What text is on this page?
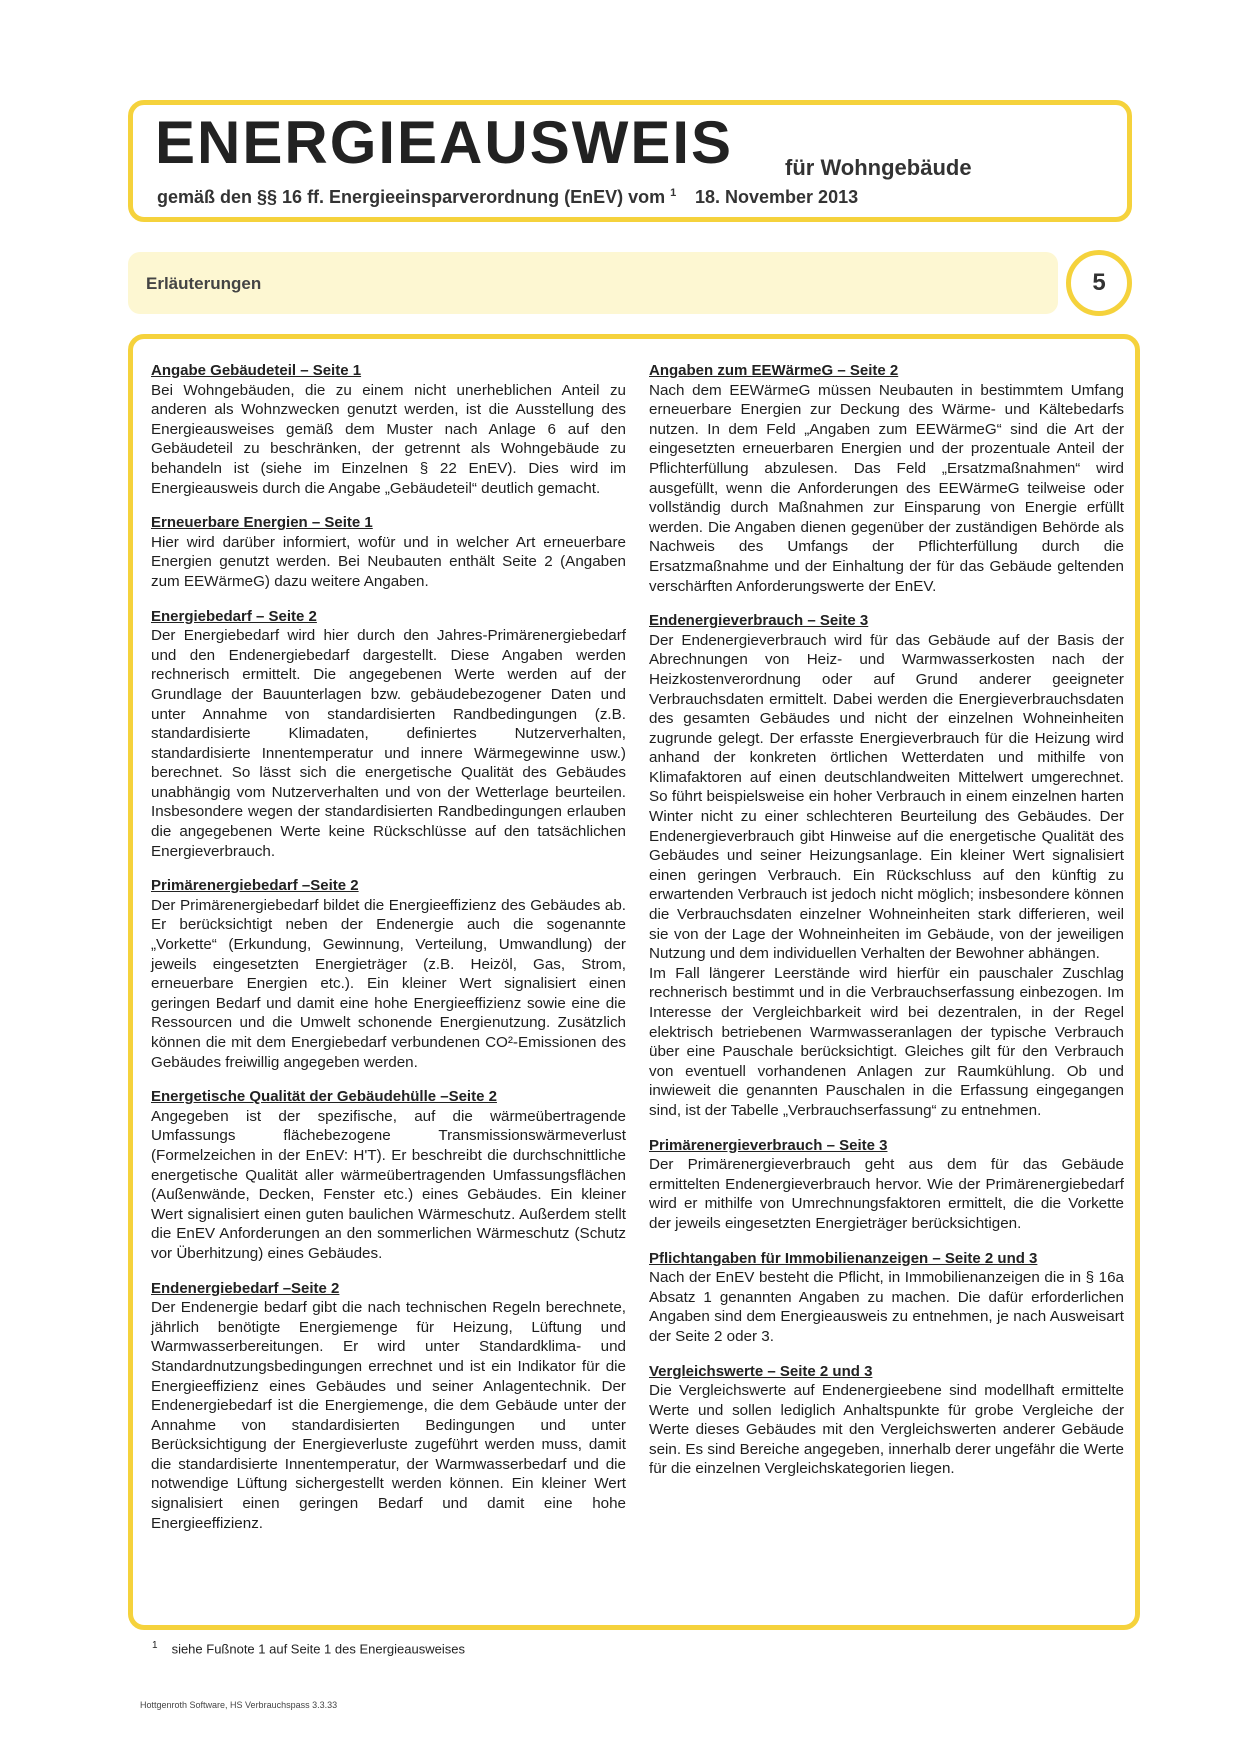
ENERGIEAUSWEIS für Wohngebäude
gemäß den §§ 16 ff. Energieeinsparverordnung (EnEV) vom $^1$ 18. November 2013
Erläuterungen	5
Angabe Gebäudeteil – Seite 1

Bei Wohngebäuden, die zu einem nicht unerheblichen Anteil zu anderen als Wohnzwecken genutzt werden, ist die Ausstellung des Energieausweises gemäß dem Muster nach Anlage 6 auf den Gebäudeteil zu beschränken, der getrennt als Wohngebäude zu behandeln ist (siehe im Einzelnen § 22 EnEV). Dies wird im Energieausweis durch die Angabe „Gebäudeteil“ deutlich gemacht.

Erneuerbare Energien – Seite 1

Hier wird darüber informiert, wofür und in welcher Art erneuerbare Energien genutzt werden. Bei Neubauten enthält Seite 2 (Angaben zum EEWärmeG) dazu weitere Angaben.

Energiebedarf – Seite 2

Der Energiebedarf wird hier durch den Jahres-Primärenergiebedarf und den Endenergiebedarf dargestellt. Diese Angaben werden rechnerisch ermittelt. Die angegebenen Werte werden auf der Grundlage der Bauunterlagen bzw. gebäudebezogener Daten und unter Annahme von standardisierten Randbedingungen (z.B. standardisierte Klimadaten, definiertes Nutzerverhalten, standardisierte Innentemperatur und innere Wärmegewinne usw.) berechnet. So lässt sich die energetische Qualität des Gebäudes unabhängig vom Nutzerverhalten und von der Wetterlage beurteilen. Insbesondere wegen der standardisierten Randbedingungen erlauben die angegebenen Werte keine Rückschlüsse auf den tatsächlichen Energieverbrauch.

Primärenergiebedarf –Seite 2

Der Primärenergiebedarf bildet die Energieeffizienz des Gebäudes ab. Er berücksichtigt neben der Endenergie auch die sogenannte „Vorkette“ (Erkundung, Gewinnung, Verteilung, Umwandlung) der jeweils eingesetzten Energieträger (z.B. Heizöl, Gas, Strom, erneuerbare Energien etc.). Ein kleiner Wert signalisiert einen geringen Bedarf und damit eine hohe Energieeffizienz sowie eine die Ressourcen und die Umwelt schonende Energienutzung. Zusätzlich können die mit dem Energiebedarf verbundenen CO²-Emissionen des Gebäudes freiwillig angegeben werden.

Energetische Qualität der Gebäudehülle –Seite 2

Angegeben ist der spezifische, auf die wärmeübertragende Umfassungs flächebezogene Transmissionswärmeverlust (Formelzeichen in der EnEV: H'T). Er beschreibt die durchschnittliche energetische Qualität aller wärmeübertragenden Umfassungsflächen (Außenwände, Decken, Fenster etc.) eines Gebäudes. Ein kleiner Wert signalisiert einen guten baulichen Wärmeschutz. Außerdem stellt die EnEV Anforderungen an den sommerlichen Wärmeschutz (Schutz vor Überhitzung) eines Gebäudes.

Endenergiebedarf –Seite 2

Der Endenergie bedarf gibt die nach technischen Regeln berechnete, jährlich benötigte Energiemenge für Heizung, Lüftung und Warmwasserbereitungen. Er wird unter Standardklima- und Standardnutzungsbedingungen errechnet und ist ein Indikator für die Energieeffizienz eines Gebäudes und seiner Anlagentechnik. Der Endenergiebedarf ist die Energiemenge, die dem Gebäude unter der Annahme von standardisierten Bedingungen und unter Berücksichtigung der Energieverluste zugeführt werden muss, damit die standardisierte Innentemperatur, der Warmwasserbedarf und die notwendige Lüftung sichergestellt werden können. Ein kleiner Wert signalisiert einen geringen Bedarf und damit eine hohe Energieeffizienz.

Angaben zum EEWärmeG – Seite 2

Nach dem EEWärmeG müssen Neubauten in bestimmtem Umfang erneuerbare Energien zur Deckung des Wärme- und Kältebedarfs nutzen. In dem Feld „Angaben zum EEWärmeG“ sind die Art der eingesetzten erneuerbaren Energien und der prozentuale Anteil der Pflichterfüllung abzulesen. Das Feld „Ersatzmaßnahmen“ wird ausgefüllt, wenn die Anforderungen des EEWärmeG teilweise oder vollständig durch Maßnahmen zur Einsparung von Energie erfüllt werden. Die Angaben dienen gegenüber der zuständigen Behörde als Nachweis des Umfangs der Pflichterfüllung durch die Ersatzmaßnahme und der Einhaltung der für das Gebäude geltenden verschärften Anforderungswerte der EnEV.

Endenergieverbrauch – Seite 3

Der Endenergieverbrauch wird für das Gebäude auf der Basis der Abrechnungen von Heiz- und Warmwasserkosten nach der Heizkostenverordnung oder auf Grund anderer geeigneter Verbrauchsdaten ermittelt. Dabei werden die Energieverbrauchsdaten des gesamten Gebäudes und nicht der einzelnen Wohneinheiten zugrunde gelegt. Der erfasste Energieverbrauch für die Heizung wird anhand der konkreten örtlichen Wetterdaten und mithilfe von Klimafaktoren auf einen deutschlandweiten Mittelwert umgerechnet. So führt beispielsweise ein hoher Verbrauch in einem einzelnen harten Winter nicht zu einer schlechteren Beurteilung des Gebäudes. Der Endenergieverbrauch gibt Hinweise auf die energetische Qualität des Gebäudes und seiner Heizungsanlage. Ein kleiner Wert signalisiert einen geringen Verbrauch. Ein Rückschluss auf den künftig zu erwartenden Verbrauch ist jedoch nicht möglich; insbesondere können die Verbrauchsdaten einzelner Wohneinheiten stark differieren, weil sie von der Lage der Wohneinheiten im Gebäude, von der jeweiligen Nutzung und dem individuellen Verhalten der Bewohner abhängen.

Im Fall längerer Leerstände wird hierfür ein pauschaler Zuschlag rechnerisch bestimmt und in die Verbrauchserfassung einbezogen. Im Interesse der Vergleichbarkeit wird bei dezentralen, in der Regel elektrisch betriebenen Warmwasseranlagen der typische Verbrauch über eine Pauschale berücksichtigt. Gleiches gilt für den Verbrauch von eventuell vorhandenen Anlagen zur Raumkühlung. Ob und inwieweit die genannten Pauschalen in die Erfassung eingegangen sind, ist der Tabelle „Verbrauchserfassung“ zu entnehmen.

Primärenergieverbrauch – Seite 3

Der Primärenergieverbrauch geht aus dem für das Gebäude ermittelten Endenergieverbrauch hervor. Wie der Primärenergiebedarf wird er mithilfe von Umrechnungsfaktoren ermittelt, die die Vorkette der jeweils eingesetzten Energieträger berücksichtigen.

Pflichtangaben für Immobilienanzeigen – Seite 2 und 3

Nach der EnEV besteht die Pflicht, in Immobilienanzeigen die in § 16a Absatz 1 genannten Angaben zu machen. Die dafür erforderlichen Angaben sind dem Energieausweis zu entnehmen, je nach Ausweisart der Seite 2 oder 3.

Vergleichswerte – Seite 2 und 3

Die Vergleichswerte auf Endenergieebene sind modellhaft ermittelte Werte und sollen lediglich Anhaltspunkte für grobe Vergleiche der Werte dieses Gebäudes mit den Vergleichswerten anderer Gebäude sein. Es sind Bereiche angegeben, innerhalb derer ungefähr die Werte für die einzelnen Vergleichskategorien liegen.

$^1$ siehe Fußnote 1 auf Seite 1 des Energieausweises
Hottgenroth Software, HS Verbrauchspass 3.3.33
